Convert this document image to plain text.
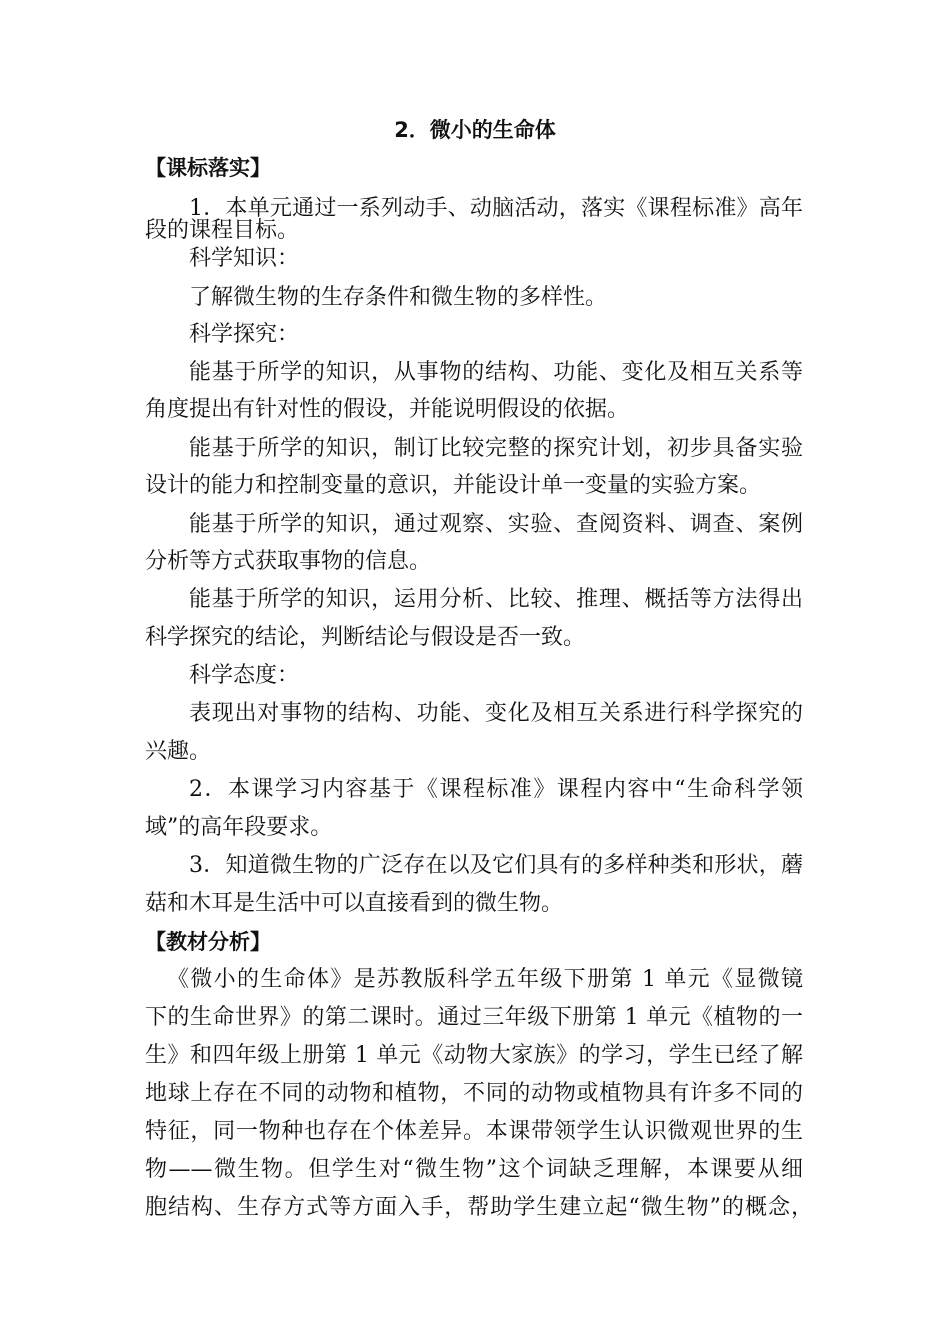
2．微小的生命体
【课标落实】
1．本单元通过一系列动手、动脑活动，落实《课程标准》高年
段的课程目标。
科学知识：
了解微生物的生存条件和微生物的多样性。
科学探究：
能基于所学的知识，从事物的结构、功能、变化及相互关系等
角度提出有针对性的假设，并能说明假设的依据。
能基于所学的知识，制订比较完整的探究计划，初步具备实验
设计的能力和控制变量的意识，并能设计单一变量的实验方案。
能基于所学的知识，通过观察、实验、查阅资料、调查、案例
分析等方式获取事物的信息。
能基于所学的知识，运用分析、比较、推理、概括等方法得出
科学探究的结论，判断结论与假设是否一致。
科学态度：
表现出对事物的结构、功能、变化及相互关系进行科学探究的
兴趣。
2．本课学习内容基于《课程标准》课程内容中“生命科学领
域”的高年段要求。
3．知道微生物的广泛存在以及它们具有的多样种类和形状，蘑
菇和木耳是生活中可以直接看到的微生物。
【教材分析】
《微小的生命体》是苏教版科学五年级下册第 1 单元《显微镜
下的生命世界》的第二课时。通过三年级下册第 1 单元《植物的一
生》和四年级上册第 1 单元《动物大家族》的学习，学生已经了解
地球上存在不同的动物和植物，不同的动物或植物具有许多不同的
特征，同一物种也存在个体差异。本课带领学生认识微观世界的生
物——微生物。但学生对“微生物”这个词缺乏理解，本课要从细
胞结构、生存方式等方面入手，帮助学生建立起“微生物”的概念，
